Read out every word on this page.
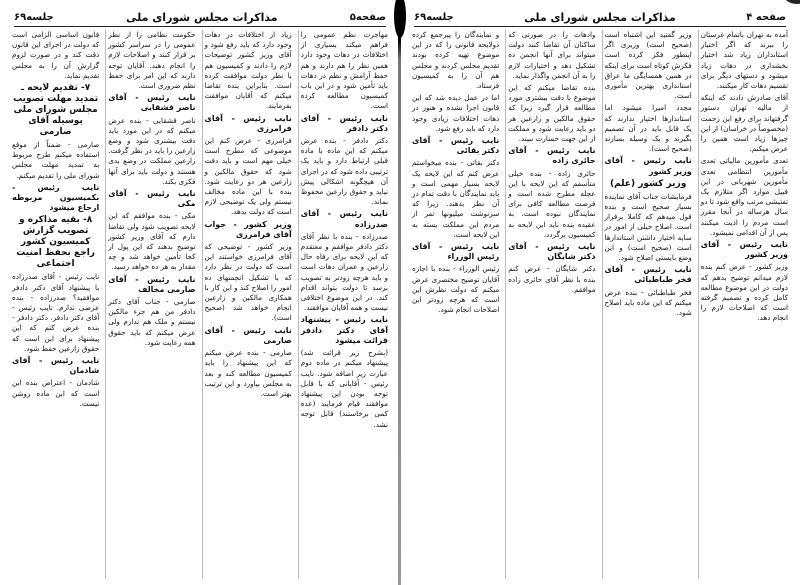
صفحه۵
مذاکرات مجلس شورای ملی
جلسه۶۹

مهاجرت نظم عمومی را فراهم میکند بسیاری از اختلافات در دهات وجود دارد همین نظر را هم دارند و هم حفظ آرامش و نظم در دهات باید تأمین شود و در این باب کمیسیون مطالعه کرده است.

نایب رئیس - آقای دکتر دادفر

دکتر دادفر - بنده عرض میکنم که این ماده با ماده قبلی ارتباط دارد و باید یک ترتیبی داده شود که در اجرای آن هیچگونه اشکالی پیش نیاید و حقوق زارعین محفوظ بماند.

نایب رئیس - آقای صدرزاده

صدرزاده - بنده با نظر آقای دکتر دادفر موافقم و معتقدم که این لایحه برای رفاه حال زارعین و عمران دهات است و باید هرچه زودتر به تصویب برسد تا دولت بتواند اقدام کند. در این موضوع اختلافی نیست و همه آقایان موافقند.

نایب رئیس - پیشنهاد آقای دکتر دادفر قرائت میشود

(بشرح زیر قرائت شد) پیشنهاد میکنم در ماده دوم عبارت زیر اضافه شود. نایب رئیس - آقایانی که با قابل توجه بودن این پیشنهاد موافقند قیام فرمایند (عده کمی برخاستند) قابل توجه نشد.

زیاد از اختلافات در دهات وجود دارد که باید رفع شود و آقای وزیر کشور توضیحات لازم را دادند و کمیسیون هم با نظر دولت موافقت کرده است. بنابراین بنده تقاضا میکنم که آقایان موافقت بفرمایند.

نایب رئیس - آقای فرامرزی

فرامرزی - عرض کنم این موضوعی که مطرح است خیلی مهم است و باید دقت شود که حقوق مالکین و زارعین هر دو رعایت شود. بنده با این ماده مخالف نیستم ولی یک توضیحی لازم است که دولت بدهد.

وزیر کشور - جواب آقای فرامرزی

وزیر کشور - توضیحی که آقای فرامرزی خواستند این است که دولت در نظر دارد که با تشکیل انجمنهای ده امور را اصلاح کند و این کار با همکاری مالکین و زارعین انجام خواهد شد (صحیح است).

نایب رئیس - آقای صارمی

صارمی - بنده عرض میکنم که این پیشنهاد را باید کمیسیون مطالعه کند و بعد به مجلس بیاورد و این ترتیب بهتر است.

حکومت نظامی را از نظر عمومی را در سراسر کشور بر قرار کنند و اصلاحات لازم را انجام دهند. آقایان توجه دارند که این امر برای حفظ نظم ضروری است.

نایب رئیس - آقای ناصر قشقایی

ناصر قشقایی - بنده عرض میکنم که در این مورد باید دقت بیشتری شود و وضع زارعین را باید در نظر گرفت. زارعین مملکت در وضع بدی هستند و دولت باید برای آنها فکری بکند.

نایب رئیس - آقای مکی

مکی - بنده موافقم که این لایحه تصویب شود ولی تقاضا دارم که آقای وزیر کشور توضیح بدهند که این پول از کجا تأمین خواهد شد و چه مقدار به هر ده خواهد رسید.

نایب رئیس - آقای صارمی مخالف

صارمی - جناب آقای دکتر دادفر من هم جزء مالکین نیستم و ملک هم ندارم ولی عرض میکنم که باید حقوق همه رعایت شود.

قانون اساسی الزامی است که دولت در اجرای این قانون دقت کند و در صورت لزوم گزارش آن را به مجلس تقدیم نماید.

۷- تقدیم لایحه ـ تمدید مهلت تصویب مجلس شورای ملی بوسیله آقای صارمی

صارمی - ضمناً از موقع استفاده میکنم طرح مربوط به تمدید مهلت مجلس شورای ملی را تقدیم میکنم.

نایب رئیس - بکمیسیون مربوطه ارجاع میشود

۸- بقیه مذاکره و تصویب گزارش کمیسیون کشور راجع بحفظ امنیت اجتماعی

نایب رئیس - آقای صدرزاده با پیشنهاد آقای دکتر دادفر موافقید؟ صدرزاده - بنده عرضی ندارم. نایب رئیس - آقای دکتر دادفر. دکتر دادفر - بنده عرض کنم که این پیشنهاد برای این است که حقوق زارعین حفظ شود.

نایب رئیس - آقای شادمان

شادمان - اعتراض بنده این است که این ماده روشن نیست.

صفحه ۴
مذاکرات مجلس شورای ملی
جلسه۶۹

آمده به تهران باتمام غرستان را ببرند که اگر اختیار استانداران زیاد شد اختیار بخشداری در دهات زیاد میشود و دستهای دیگر برای تقسیم دهات کار میکنند.

آقای صادرش دادند که اینکه از مالیه تهران دستور گرفتهاند برای رفع این زحمت (مخصوصاً در خراسان) از این چیزها زیاد است همین را عرض میکنم.

تعدی مأمورین مالیاتی تعدی مأمورین انتظامی تعدی مأمورین شهربانی در این قبیل موارد اگر متلازم یک تفتیشی مرتب واقع شود تا دو سال هرساله در آنجا مقرر است مردم را اذیت میکنند پس از آن اقدامی نمیشود.

نایب رئیس - آقای وزیر کشور

وزیر کشور - عرض کنم بنده لازم میدانم توضیح بدهم که دولت در این موضوع مطالعه کامل کرده و تصمیم گرفته است که اصلاحات لازم را انجام دهد.

وزیر گفتید این اشتباه است (صحیح است) وزیری اگر اینطور فکر کرده است فکرش کوتاه است برای اینکه در همین همسایگی ما عراق استانداری بهترین مأموری است.

مجدد امیرا میشود اما استاندارها اختیار ندارند که یک قابل باید در آن تصمیم بگیرند و یک وسیله بسازند (صحیح است).

نایب رئیس - آقای وزیر کشور

وزیر کشور (علم)

فرمایشات جناب آقای نماینده بسیار صحیح است و بنده قول میدهم که کاملا برقرار است. اصلاح خیلی از امور در سایه اختیار داشتن استاندارها است (صحیح است) و این وضع بایستی اصلاح شود.

نایب رئیس - آقای فخر طباطبائی

فخر طباطبائی - بنده عرض میکنم که این ماده باید اصلاح شود.

وادهات را در صورتی که ساکنان آن تقاضا کنند دولت میتواند برای آنها انجمن ده تشکیل دهد و اختیارات لازم را به آن انجمن واگذار نماید.

بنده تقاضا میکنم که این موضوع با دقت بیشتری مورد مطالعه قرار گیرد زیرا که حقوق مالکین و زارعین هر دو باید رعایت شود و مملکت از این جهت خسارت نبیند.

نایب رئیس - آقای حائری زاده

حائری زاده - بنده خیلی متأسفم که این لایحه با این عجله مطرح شده است و فرصت مطالعه کافی برای نمایندگان نبوده است. به عقیده بنده باید این لایحه به کمیسیون برگردد.

نایب رئیس - آقای دکتر شایگان

دکتر شایگان - عرض کنم بنده با نظر آقای حائری زاده موافقم.

و نمایندگان را پیرجمع کرده دولایحه قانونی را که در این موضوع تهیه کرده بودند تقدیم مجلس کردند و مجلس هم آن را به کمیسیون فرستاد.

اما در عمل دیده شد که این قانون اجرا نشده و هنوز در دهات اختلافات زیادی وجود دارد که باید رفع شود.

نایب رئیس - آقای دکتر بقائی

دکتر بقائی - بنده میخواستم عرض کنم که این لایحه یک لایحه بسیار مهمی است و باید نمایندگان با دقت تمام در آن نظر بدهند. زیرا که سرنوشت میلیونها نفر از مردم این مملکت بسته به این لایحه است.

نایب رئیس - آقای رئیس الوزراء

رئیس الوزراء - بنده با اجازه آقایان توضیح مختصری عرض میکنم که دولت نظرش این است که هرچه زودتر این اصلاحات انجام شود.
